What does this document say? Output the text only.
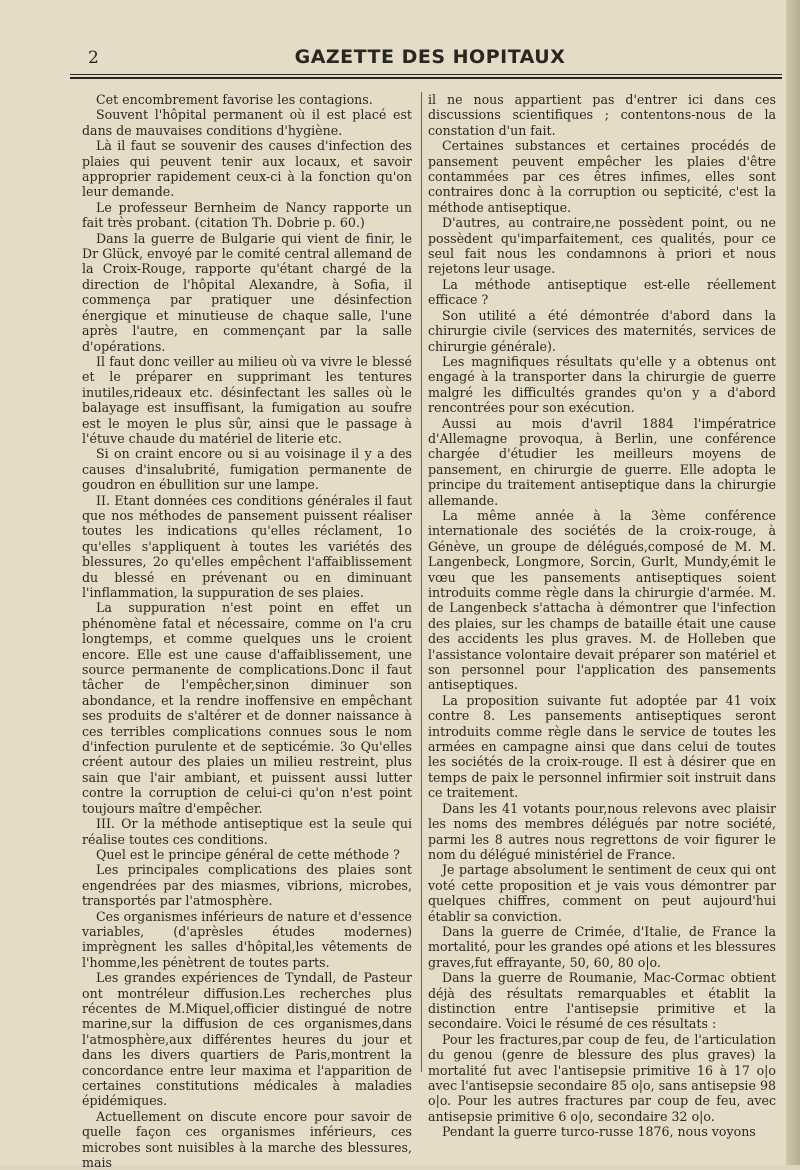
2	GAZETTE DES HOPITAUX

Cet encombrement favorise les contagions.

Souvent l'hôpital permanent où il est placé est dans de mauvaises conditions d'hygiène.

Là il faut se souvenir des causes d'infection des plaies qui peuvent tenir aux locaux, et savoir approprier rapidement ceux-ci à la fonction qu'on leur demande.

Le professeur Bernheim de Nancy rapporte un fait très probant. (citation Th. Dobrie p. 60.)

Dans la guerre de Bulgarie qui vient de finir, le Dr Glück, envoyé par le comité central allemand de la Croix-Rouge, rapporte qu'étant chargé de la direction de l'hôpital Alexandre, à Sofia, il commença par pratiquer une désinfection énergique et minutieuse de chaque salle, l'une après l'autre, en commençant par la salle d'opérations.

Il faut donc veiller au milieu où va vivre le blessé et le préparer en supprimant les tentures inutiles,rideaux etc. désinfectant les salles où le balayage est insuffisant, la fumigation au soufre est le moyen le plus sûr, ainsi que le passage à l'étuve chaude du matériel de literie etc.

Si on craint encore ou si au voisinage il y a des causes d'insalubrité, fumigation permanente de goudron en ébullition sur une lampe.

II. Etant données ces conditions générales il faut que nos méthodes de pansement puissent réaliser toutes les indications qu'elles réclament, 1o qu'elles s'appliquent à toutes les variétés des blessures, 2o qu'elles empêchent l'affaiblissement du blessé en prévenant ou en diminuant l'inflammation, la suppuration de ses plaies.

La suppuration n'est point en effet un phénomène fatal et nécessaire, comme on l'a cru longtemps, et comme quelques uns le croient encore. Elle est une cause d'affaiblissement, une source permanente de complications.Donc il faut tâcher de l'empêcher,sinon diminuer son abondance, et la rendre inoffensive en empêchant ses produits de s'altérer et de donner naissance à ces terribles complications connues sous le nom d'infection purulente et de septicémie. 3o Qu'elles créent autour des plaies un milieu restreint, plus sain que l'air ambiant, et puissent aussi lutter contre la corruption de celui-ci qu'on n'est point toujours maître d'empêcher.

III. Or la méthode antiseptique est la seule qui réalise toutes ces conditions.

Quel est le principe général de cette méthode ?

Les principales complications des plaies sont engendrées par des miasmes, vibrions, microbes, transportés par l'atmosphère.

Ces organismes inférieurs de nature et d'essence variables, (d'aprèsles études modernes) imprègnent les salles d'hôpital,les vêtements de l'homme,les pénètrent de toutes parts.

Les grandes expériences de Tyndall, de Pasteur ont montréleur diffusion.Les recherches plus récentes de M.Miquel,officier distingué de notre marine,sur la diffusion de ces organismes,dans l'atmosphère,aux différentes heures du jour et dans les divers quartiers de Paris,montrent la concordance entre leur maxima et l'apparition de certaines constitutions médicales à maladies épidémiques.

Actuellement on discute encore pour savoir de quelle façon ces organismes inférieurs, ces microbes sont nuisibles à la marche des blessures, mais

il ne nous appartient pas d'entrer ici dans ces discussions scientifiques ; contentons-nous de la constation d'un fait.

Certaines substances et certaines procédés de pansement peuvent empêcher les plaies d'être contammées par ces êtres infimes, elles sont contraires donc à la corruption ou septicité, c'est la méthode antiseptique.

D'autres, au contraire,ne possèdent point, ou ne possèdent qu'imparfaitement, ces qualités, pour ce seul fait nous les condamnons à priori et nous rejetons leur usage.

La méthode antiseptique est-elle réellement efficace ?

Son utilité a été démontrée d'abord dans la chirurgie civile (services des maternités, services de chirurgie générale).

Les magnifiques résultats qu'elle y a obtenus ont engagé à la transporter dans la chirurgie de guerre malgré les difficultés grandes qu'on y a d'abord rencontrées pour son exécution.

Aussi au mois d'avril 1884 l'impératrice d'Allemagne provoqua, à Berlin, une conférence chargée d'étudier les meilleurs moyens de pansement, en chirurgie de guerre. Elle adopta le principe du traitement antiseptique dans la chirurgie allemande.

La même année à la 3ème conférence internationale des sociétés de la croix-rouge, à Génève, un groupe de délégués,composé de M. M. Langenbeck, Longmore, Sorcin, Gurlt, Mundy,émit le vœu que les pansements antiseptiques soient introduits comme règle dans la chirurgie d'armée. M. de Langenbeck s'attacha à démontrer que l'infection des plaies, sur les champs de bataille était une cause des accidents les plus graves. M. de Holleben que l'assistance volontaire devait préparer son matériel et son personnel pour l'application des pansements antiseptiques.

La proposition suivante fut adoptée par 41 voix contre 8. Les pansements antiseptiques seront introduits comme règle dans le service de toutes les armées en campagne ainsi que dans celui de toutes les sociétés de la croix-rouge. Il est à désirer que en temps de paix le personnel infirmier soit instruit dans ce traitement.

Dans les 41 votants pour,nous relevons avec plaisir les noms des membres délégués par notre société, parmi les 8 autres nous regrettons de voir figurer le nom du délégué ministériel de France.

Je partage absolument le sentiment de ceux qui ont voté cette proposition et je vais vous démontrer par quelques chiffres, comment on peut aujourd'hui établir sa conviction.

Dans la guerre de Crimée, d'Italie, de France la mortalité, pour les grandes opé ations et les blessures graves,fut effrayante, 50, 60, 80 o|o.

Dans la guerre de Roumanie, Mac-Cormac obtient déjà des résultats remarquables et établit la distinction entre l'antisepsie primitive et la secondaire. Voici le résumé de ces résultats :

Pour les fractures,par coup de feu, de l'articulation du genou (genre de blessure des plus graves) la mortalité fut avec l'antisepsie primitive 16 à 17 o|o avec l'antisepsie secondaire 85 o|o, sans antisepsie 98 o|o. Pour les autres fractures par coup de feu, avec antisepsie primitive 6 o|o, secondaire 32 o|o.

Pendant la guerre turco-russe 1876, nous voyons
